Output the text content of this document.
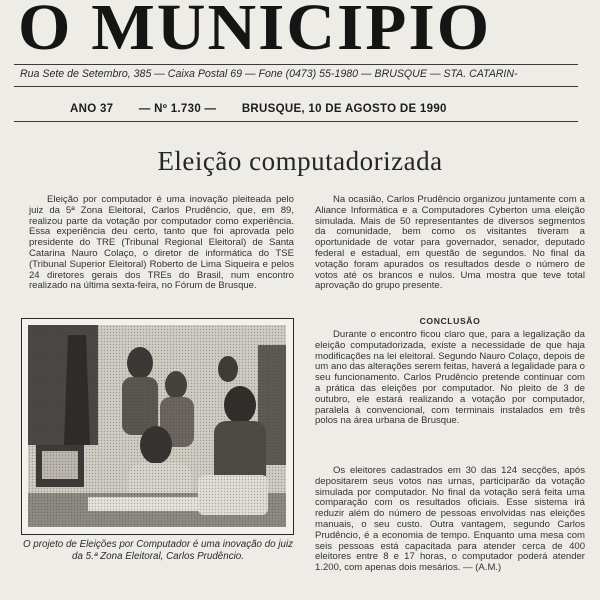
O MUNICIPIO
Rua Sete de Setembro, 385 — Caixa Postal 69 — Fone (0473) 55-1980 — BRUSQUE — STA. CATARIN-
ANO 37 — Nº 1.730 — BRUSQUE, 10 DE AGOSTO DE 1990
Eleição computadorizada

Eleição por computador é uma inovação pleiteada pelo juiz da 5ª Zona Eleitoral, Carlos Prudêncio, que, em 89, realizou parte da votação por computador como experiência. Essa experiência deu certo, tanto que foi aprovada pelo presidente do TRE (Tribunal Regional Eleitoral) de Santa Catarina Nauro Colaço, o diretor de informática do TSE (Tribunal Superior Eleitoral) Roberto de Lima Siqueira e pelos 24 diretores gerais dos TREs do Brasil, num encontro realizado na última sexta-feira, no Fórum de Brusque.

Na ocasião, Carlos Prudêncio organizou juntamente com a Aliance Informática e a Computadores Cyberton uma eleição simulada. Mais de 50 representantes de diversos segmentos da comunidade, bem como os visitantes tiveram a oportunidade de votar para governador, senador, deputado federal e estadual, em questão de segundos. No final da votação foram apurados os resultados desde o número de votos até os brancos e nulos. Uma mostra que teve total aprovação do grupo presente.

CONCLUSÃO

Durante o encontro ficou claro que, para a legalização da eleição computadorizada, existe a necessidade de que haja modificações na lei eleitoral. Segundo Nauro Colaço, depois de um ano das alterações serem feitas, haverá a legalidade para o seu funcionamento. Carlos Prudêncio pretende continuar com a prática das eleições por computador. No pleito de 3 de outubro, ele estará realizando a votação por computador, paralela à convencional, com terminais instalados em três polos na área urbana de Brusque.

Os eleitores cadastrados em 30 das 124 secções, após depositarem seus votos nas urnas, participarão da votação simulada por computador. No final da votação será feita uma comparação com os resultados oficiais. Esse sistema irá reduzir além do número de pessoas envolvidas nas eleições manuais, o seu custo. Outra vantagem, segundo Carlos Prudêncio, é a economia de tempo. Enquanto uma mesa com seis pessoas está capacitada para atender cerca de 400 eleitores entre 8 e 17 horas, o computador poderá atender 1.200, com apenas dois mesários. — (A.M.)

O projeto de Eleições por Computador é uma inovação do juiz da 5.ª Zona Eleitoral, Carlos Prudêncio.
